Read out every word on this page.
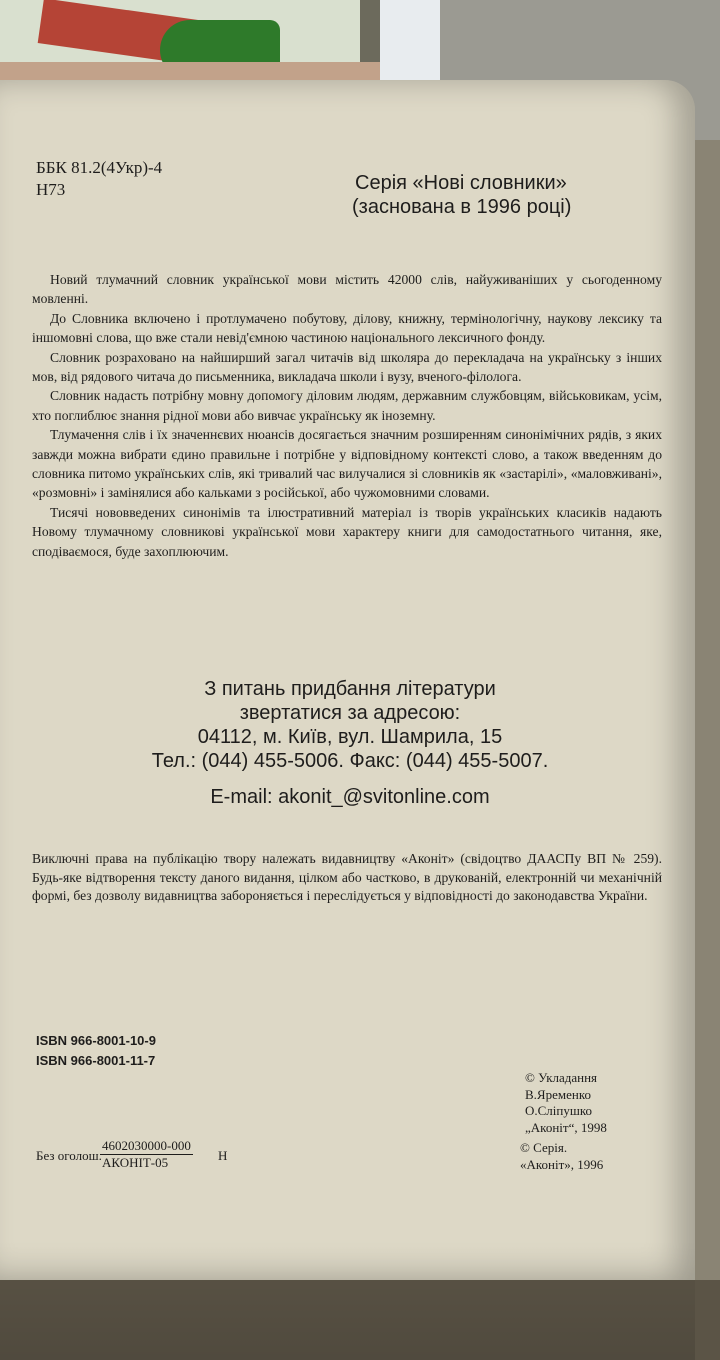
ББК 81.2(4Укр)-4
Н73	Серія «Нові словники»
(заснована в 1996 році)

Новий тлумачний словник української мови містить 42000 слів, найуживаніших у сьогоденному мовленні.

До Словника включено і протлумачено побутову, ділову, книжну, термінологічну, наукову лексику та іншомовні слова, що вже стали невід'ємною частиною національного лексичного фонду.

Словник розраховано на найширший загал читачів від школяра до перекладача на українську з інших мов, від рядового читача до письменника, викладача школи і вузу, вченого-філолога.

Словник надасть потрібну мовну допомогу діловим людям, державним службовцям, військовикам, усім, хто поглиблює знання рідної мови або вивчає українську як іноземну.

Тлумачення слів і їх значеннєвих нюансів досягається значним розширенням синонімічних рядів, з яких завжди можна вибрати єдино правильне і потрібне у відповідному контексті слово, а також введенням до словника питомо українських слів, які тривалий час вилучалися зі словників як «застарілі», «маловживані», «розмовні» і замінялися або кальками з російської, або чужомовними словами.

Тисячі нововведених синонімів та ілюстративний матеріал із творів українських класиків надають Новому тлумачному словникові української мови характеру книги для самодостатнього читання, яке, сподіваємося, буде захоплюючим.

З питань придбання літератури
звертатися за адресою:
04112, м. Київ, вул. Шамрила, 15
Тел.: (044) 455-5006. Факс: (044) 455-5007.
E-mail: akonit_@svitonline.com
Виключні права на публікацію твору належать видавництву «Аконіт» (свідоцтво ДААСПу ВП № 259). Будь-яке відтворення тексту даного видання, цілком або частково, в друкованій, електронній чи механічній формі, без дозволу видавництва забороняється і переслідується у відповідності до законодавства України.
ISBN 966-8001-10-9
ISBN 966-8001-11-7
© Укладання
В.Яременко
О.Сліпушко
„Аконіт“, 1998
© Серія.
«Аконіт», 1996
Без оголош.
4602030000-000
АКОНІТ-05	Н
